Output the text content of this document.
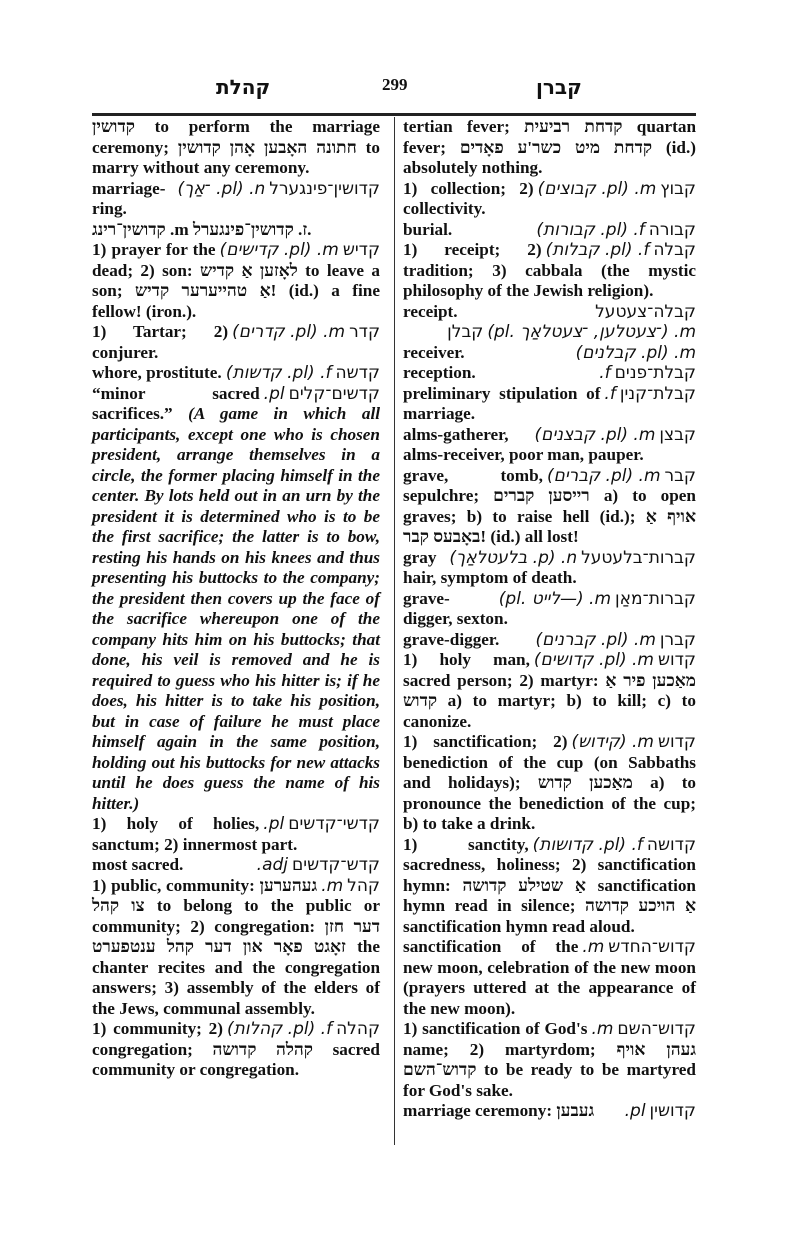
קהלת	299	קברן

קדושין to perform the marriage ceremony; חתונה האָבען אָהן קדושין to marry without any ceremony.

קדושין־פינגערל
n. (pl. ־אַך)
marriage-ring.

קדושין־רינג .m ז. קדושין־פינגערל.

קדיש
m. (pl. קדישים)
1) prayer for the dead; 2) son: לאָזען אַ קדיש to leave a son; אַ טהייערער קדיש! (id.) a fine fellow! (iron.).

קדר
m. (pl. קדרים)
1) Tartar; 2) conjurer.

קדשה
f. (pl. קדשות)
whore, prostitute.

קדשים־קלים
pl.
“minor sacred sacrifices.” (A game in which all participants, except one who is chosen president, arrange themselves in a circle, the former placing himself in the center. By lots held out in an urn by the president it is determined who is to be the first sacrifice; the latter is to bow, resting his hands on his knees and thus presenting his buttocks to the company; the president then covers up the face of the sacrifice whereupon one of the company hits him on his buttocks; that done, his veil is removed and he is required to guess who his hitter is; if he does, his hitter is to take his position, but in case of failure he must place himself again in the same position, holding out his buttocks for new attacks until he does guess the name of his hitter.)

קדשי־קדשים
pl.
1) holy of holies, sanctum; 2) innermost part.

קדש־קדשים
adj.
most sacred.

קהל
m.
1) public, community: געהערען צו קהל to belong to the public or community; 2) congregation: דער חזן זאָגט פאָר און דער קהל ענטפערט the chanter recites and the congregation answers; 3) assembly of the elders of the Jews, communal assembly.

קהלה
f. (pl. קהלות)
1) community; 2) congregation; קהלה קדושה sacred community or congregation.

tertian fever; קדחת רביעית quartan fever; קדחת מיט כשר'ע פאָדים (id.) absolutely nothing.

קבוץ
m. (pl. קבוצים)
1) collection; 2) collectivity.

קבורה
f. (pl. קבורות)
burial.

קבלה
f. (pl. קבלות)
1) receipt; 2) tradition; 3) cabbala (the mystic philosophy of the Jewish religion).

קבלה־צעטעל
m. (־צעטלען, ־צעטלאַך .pl)
receipt.

קבלן
m. (pl. קבלנים)
receiver.

קבלת־פנים
f.
reception.

קבלת־קנין
f.
preliminary stipulation of marriage.

קבצן
m. (pl. קבצנים)
alms-gatherer, alms-receiver, poor man, pauper.

קבר
m. (pl. קברים)
grave, tomb, sepulchre; רייסען קברים a) to open graves; b) to raise hell (id.); אויף אַ באָבעס קבר! (id.) all lost!

קברות־בלעטעל
n. (p. בלעטלאַך)
gray hair, symptom of death.

קברות־מאַן
m. (—לייט .pl)
grave-digger, sexton.

קברן
m. (pl. קברנים)
grave-digger.

קדוש
m. (pl. קדושים)
1) holy man, sacred person; 2) martyr: מאַכען פיר אַ קדוש a) to martyr; b) to kill; c) to canonize.

קדוש
m. (קידוש)
1) sanctification; 2) benediction of the cup (on Sabbaths and holidays); מאַכען קדוש a) to pronounce the benediction of the cup; b) to take a drink.

קדושה
f. (pl. קדושות)
1) sanctity, sacredness, holiness; 2) sanctification hymn: אַ שטילע קדושה sanctification hymn read in silence; אַ הויכע קדושה sanctification hymn read aloud.

קדוש־החדש
m.
sanctification of the new moon, celebration of the new moon (prayers uttered at the appearance of the new moon).

קדוש־השם
m.
1) sanctification of God's name; 2) martyrdom; געהן אויף קדוש־השם to be ready to be martyred for God's sake.

קדושין
pl.
marriage ceremony: געבען
